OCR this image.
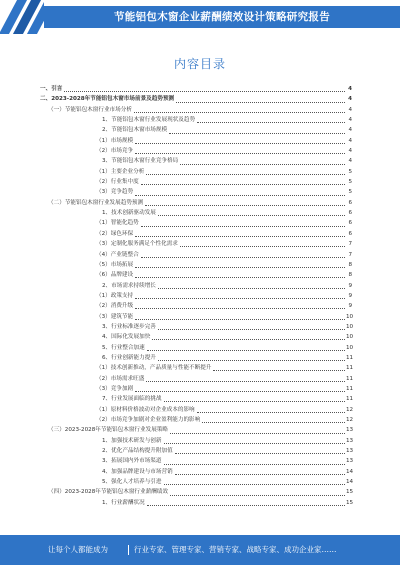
节能铝包木窗企业薪酬绩效设计策略研究报告
内容目录
一、引言	4
二、2023-2028年节能铝包木窗市场前景及趋势预测	4
（一）节能铝包木窗行业市场分析	4
1、节能铝包木窗行业发展现状及趋势	4
2、节能铝包木窗市场规模	4
（1）市场规模	4
（2）市场竞争	4
3、节能铝包木窗行业竞争格局	4
（1）主要企业分析	5
（2）行业集中度	5
（3）竞争趋势	5
（二）节能铝包木窗行业发展趋势预测	6
1、技术创新驱动发展	6
（1）智能化趋势	6
（2）绿色环保	6
（3）定制化服务满足个性化需求	7
（4）产业链整合	7
（5）市场拓展	8
（6）品牌建设	8
2、市场需求持续增长	9
（1）政策支持	9
（2）消费升级	9
（3）建筑节能	10
3、行业标准逐步完善	10
4、国际化发展加快	10
5、行业整合加速	10
6、行业创新能力提升	11
（1）技术创新推动，产品质量与性能不断提升	11
（2）市场需求旺盛	11
（3）竞争加剧	11
7、行业发展面临的挑战	11
（1）原材料价格波动对企业成本的影响	12
（2）市场竞争加剧对企业盈利能力的影响	12
（三）2023-2028年节能铝包木窗行业发展策略	13
1、加强技术研发与创新	13
2、优化产品结构提升附加值	13
3、拓展国内外市场渠道	13
4、加强品牌建设与市场营销	14
5、强化人才培养与引进	14
（四）2023-2028年节能铝包木窗行业薪酬绩效	15
1、行业薪酬状况	15
让每个人都能成为	行业专家、管理专家、营销专家、战略专家、成功企业家……
